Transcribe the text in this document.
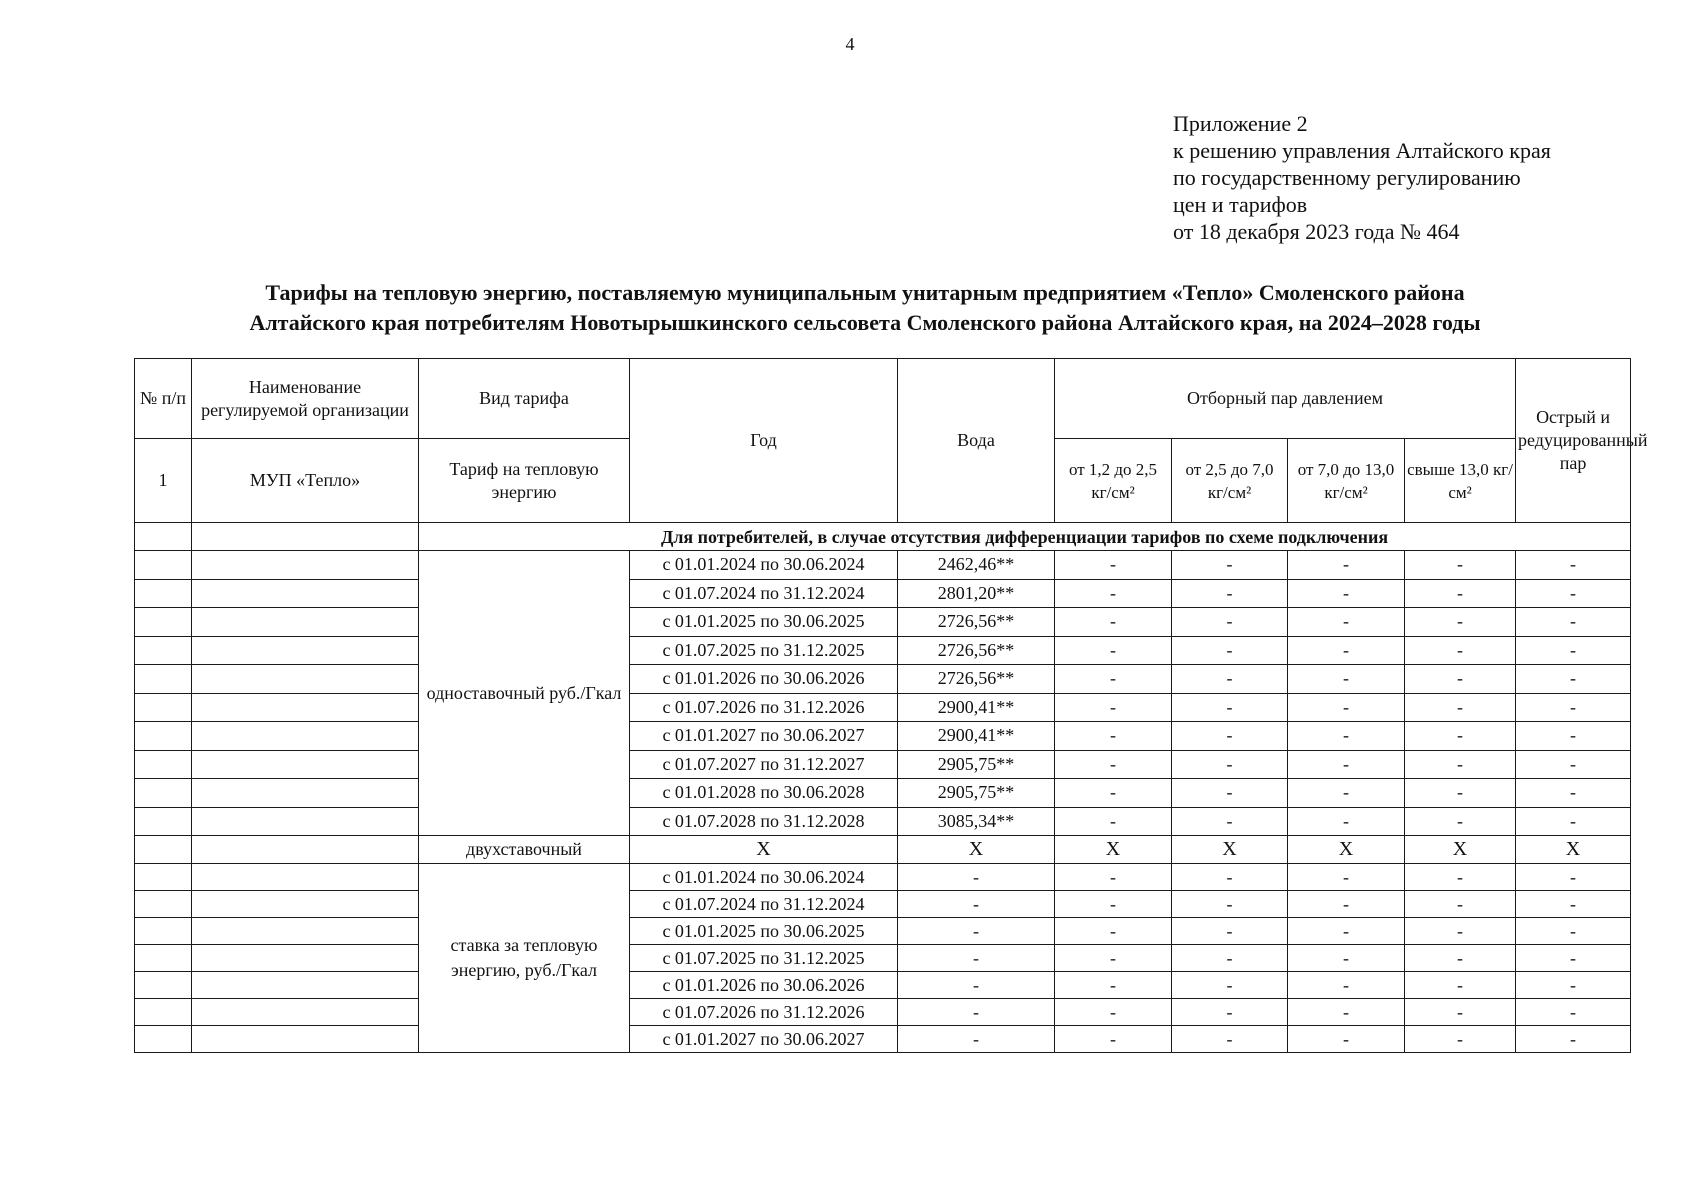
4
Приложение 2
к решению управления Алтайского края
по государственному регулированию
цен и тарифов
от 18 декабря 2023 года № 464
Тарифы на тепловую энергию, поставляемую муниципальным унитарным предприятием «Тепло» Смоленского района
Алтайского края потребителям Новотырышкинского сельсовета Смоленского района Алтайского края, на 2024–2028 годы
№ п/п	Наименование регулируемой организации	Вид тарифа	Год	Вода	Отборный пар давлением				Острый и редуцированный пар
1	МУП «Тепло»	Тариф на тепловую энергию			от 1,2 до 2,5 кг/см²	от 2,5 до 7,0 кг/см²	от 7,0 до 13,0 кг/см²	свыше 13,0 кг/см²	
		Для потребителей, в случае отсутствия дифференциации тарифов по схеме подключения							
		одноставочный руб./Гкал	с 01.01.2024 по 30.06.2024	2462,46**	-	-	-	-	-
			с 01.07.2024 по 31.12.2024	2801,20**	-	-	-	-	-
			с 01.01.2025 по 30.06.2025	2726,56**	-	-	-	-	-
			с 01.07.2025 по 31.12.2025	2726,56**	-	-	-	-	-
			с 01.01.2026 по 30.06.2026	2726,56**	-	-	-	-	-
			с 01.07.2026 по 31.12.2026	2900,41**	-	-	-	-	-
			с 01.01.2027 по 30.06.2027	2900,41**	-	-	-	-	-
			с 01.07.2027 по 31.12.2027	2905,75**	-	-	-	-	-
			с 01.01.2028 по 30.06.2028	2905,75**	-	-	-	-	-
			с 01.07.2028 по 31.12.2028	3085,34**	-	-	-	-	-
		двухставочный	Х	Х	Х	Х	Х	Х	Х
		ставка за тепловую энергию, руб./Гкал	с 01.01.2024 по 30.06.2024	-	-	-	-	-	-
			с 01.07.2024 по 31.12.2024	-	-	-	-	-	-
			с 01.01.2025 по 30.06.2025	-	-	-	-	-	-
			с 01.07.2025 по 31.12.2025	-	-	-	-	-	-
			с 01.01.2026 по 30.06.2026	-	-	-	-	-	-
			с 01.07.2026 по 31.12.2026	-	-	-	-	-	-
			с 01.01.2027 по 30.06.2027	-	-	-	-	-	-
